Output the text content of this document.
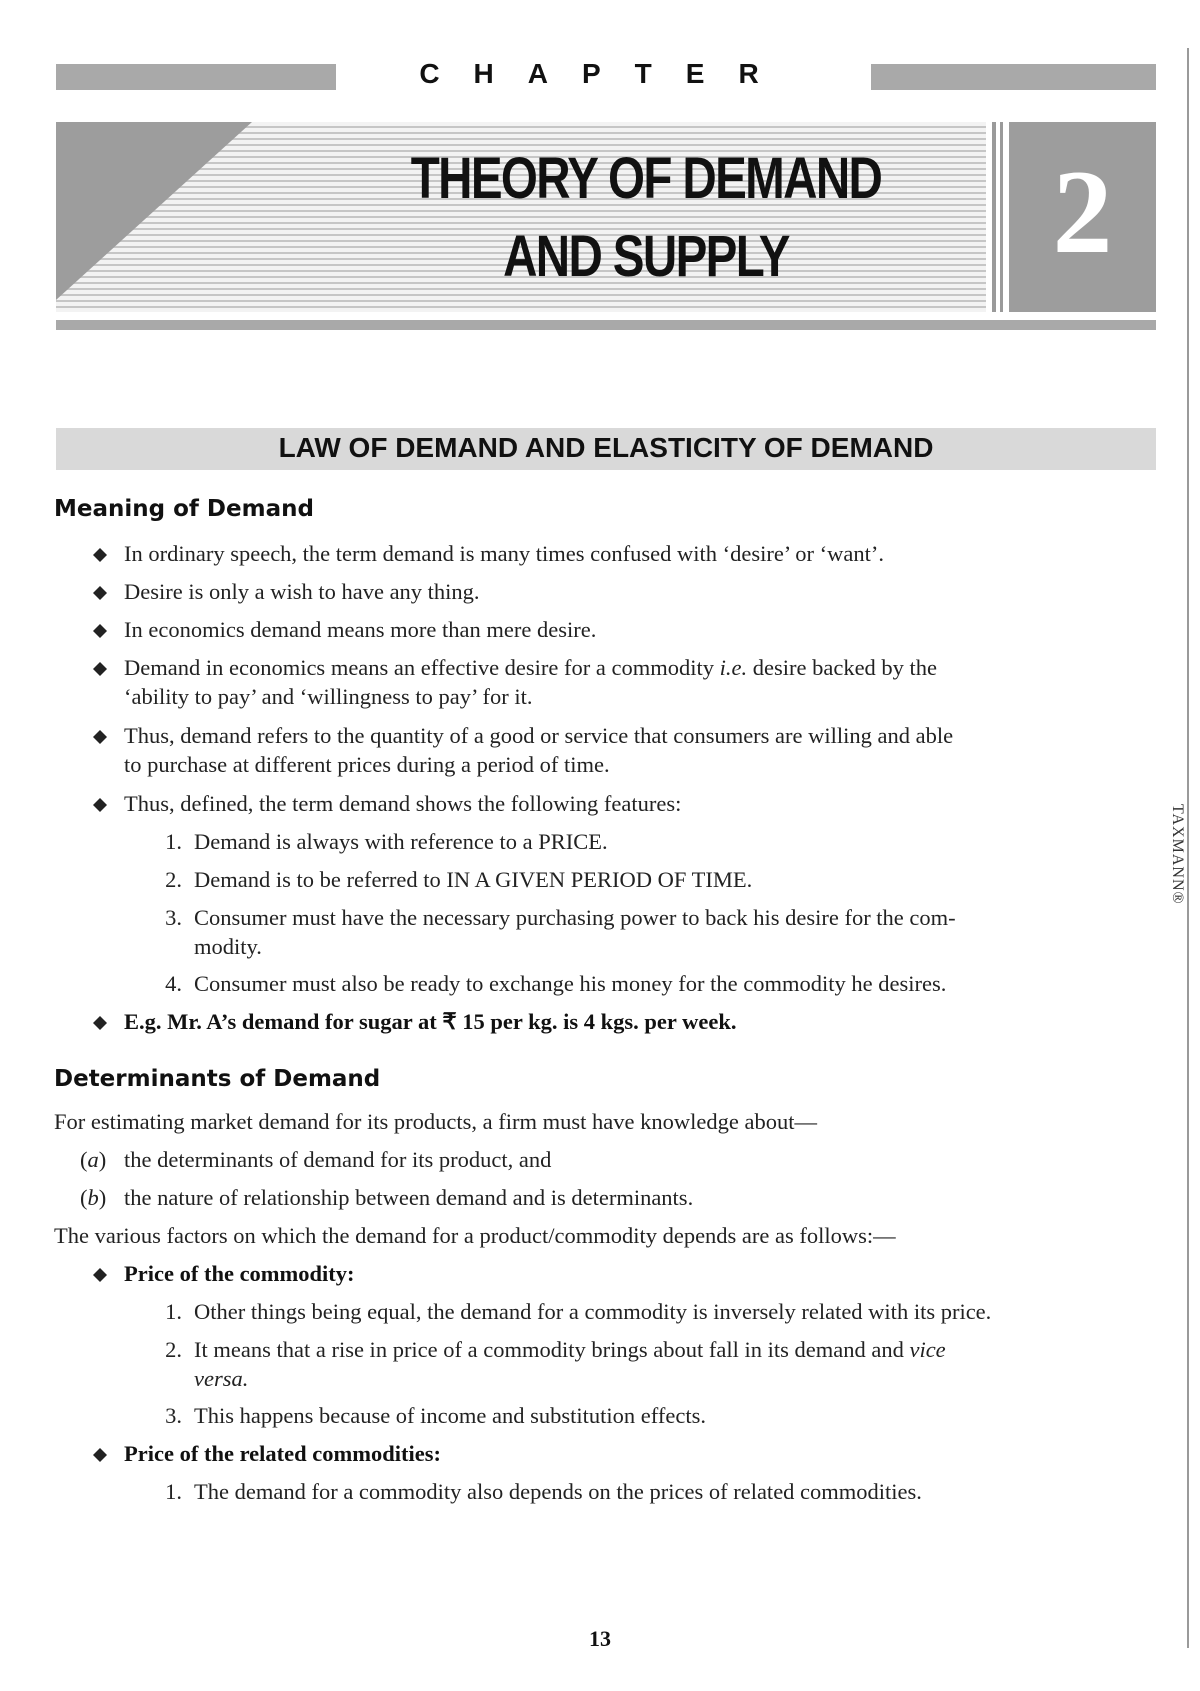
CHAPTER
THEORY OF DEMAND
AND SUPPLY	2
LAW OF DEMAND AND ELASTICITY OF DEMAND
Meaning of Demand
In ordinary speech, the term demand is many times confused with ‘desire’ or ‘want’.
Desire is only a wish to have any thing.
In economics demand means more than mere desire.
Demand in economics means an effective desire for a commodity i.e. desire backed by the
‘ability to pay’ and ‘willingness to pay’ for it.
Thus, demand refers to the quantity of a good or service that consumers are willing and able
to purchase at different prices during a period of time.
Thus, defined, the term demand shows the following features:
1. Demand is always with reference to a PRICE.
2. Demand is to be referred to IN A GIVEN PERIOD OF TIME.
3. Consumer must have the necessary purchasing power to back his desire for the com-
modity.
4. Consumer must also be ready to exchange his money for the commodity he desires.
E.g. Mr. A’s demand for sugar at ₹ 15 per kg. is 4 kgs. per week.
Determinants of Demand
For estimating market demand for its products, a firm must have knowledge about—
(a) the determinants of demand for its product, and
(b) the nature of relationship between demand and is determinants.
The various factors on which the demand for a product/commodity depends are as follows:—
Price of the commodity:
1. Other things being equal, the demand for a commodity is inversely related with its price.
2. It means that a rise in price of a commodity brings about fall in its demand and vice
versa.
3. This happens because of income and substitution effects.
Price of the related commodities:
1. The demand for a commodity also depends on the prices of related commodities.
TAXMANN®
13
